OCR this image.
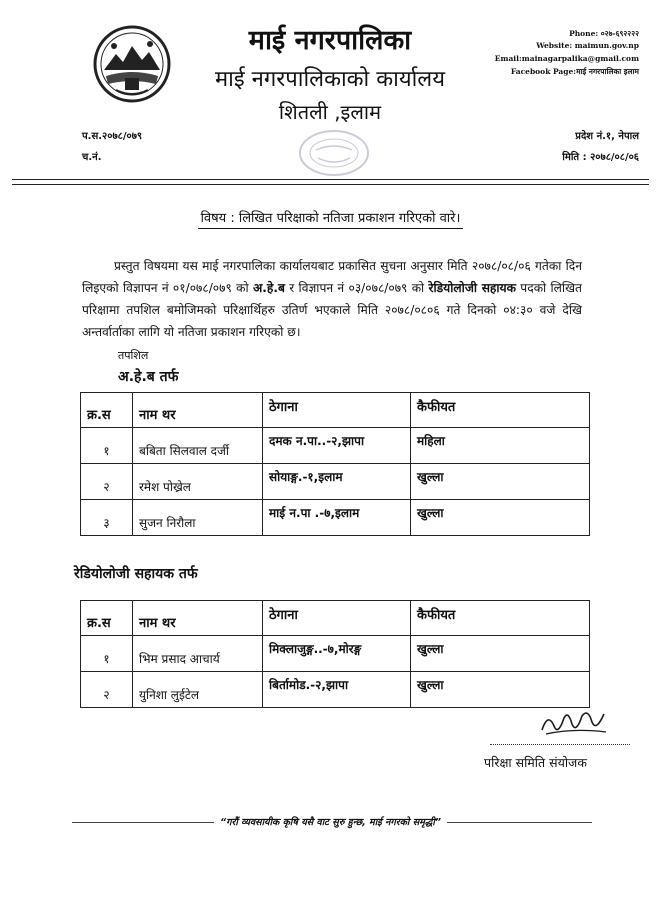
माई नगरपालिका
माई नगरपालिकाको कार्यालय
शितली ,इलाम
Phone: ०२७-६९२२२२
Website: maimun.gov.np
Email:mainagarpalika@gmail.com
Facebook Page:माई नगरपालिका इलाम
प.स.२०७८/०७९
च.नं.
प्रदेश नं.१, नेपाल
मिति : २०७८/०८/०६
विषय : लिखित परिक्षाको नतिजा प्रकाशन गरिएको वारे।

प्रस्तुत विषयमा यस माई नगरपालिका कार्यालयबाट प्रकासित सुचना अनुसार मिति २०७८/०८/०६ गतेका दिन लिइएको विज्ञापन नं ०१/०७८/०७९ को अ.हे.ब र विज्ञापन नं ०३/०७८/०७९ को रेडियोलोजी सहायक पदको लिखित परिक्षामा तपशिल बमोजिमको परिक्षार्थिहरु उतिर्ण भएकाले मिति २०७८/०८०६ गते दिनको ०४:३० वजे देखि अन्तर्वार्ताका लागि यो नतिजा प्रकाशन गरिएको छ।

तपशिल
अ.हे.ब तर्फ
क्र.स	नाम थर	ठेगाना	कैफीयत
१	बबिता सिलवाल दर्जी	दमक न.पा..-२,झापा	महिला
२	रमेश पोख्रेल	सोयाङ्ग.-१,इलाम	खुल्ला
३	सुजन निरौला	माई न.पा .-७,इलाम	खुल्ला
रेडियोलोजी सहायक तर्फ
क्र.स	नाम थर	ठेगाना	कैफीयत
१	भिम प्रसाद आचार्य	मिक्लाजुङ्ग..-७,मोरङ्ग	खुल्ला
२	युनिशा लुईटेल	बिर्तामोड.-२,झापा	खुल्ला
परिक्षा समिति संयोजक
“गरौं व्यवसायीक कृषि यसै वाट सुरु हुन्छ, माई नगरको समृद्धी”
